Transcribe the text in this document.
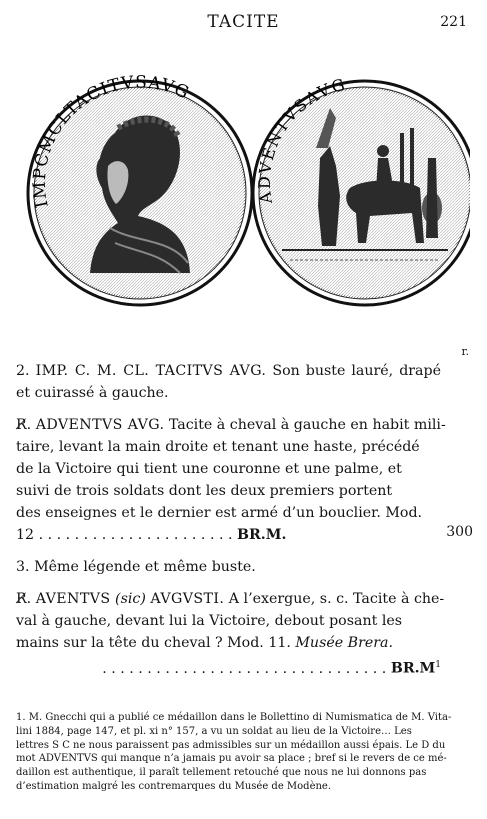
TACITE	221
IMPCMCLTACITVSAVG
ADVENTVSAVG
r.
2. IMP. C. M. CL. TACITVS AVG. Son buste lauré, drapé et cuirassé à gauche.
R̸. ADVENTVS AVG. Tacite à cheval à gauche en habit mili-
taire, levant la main droite et tenant une haste, précédé
de la Victoire qui tient une couronne et une palme, et
suivi de trois soldats dont les deux premiers portent
des enseignes et le dernier est armé d’un bouclier. Mod.
12 . . . . . . . . . . . . . . . . . . . . . . BR.M.	300
3. Même légende et même buste.
R̸. AVENTVS (sic) AVGVSTI. A l’exergue, s. c. Tacite à che-
val à gauche, devant lui la Victoire, debout posant les
mains sur la tête du cheval ? Mod. 11. Musée Brera.
. . . . . . . . . . . . . . . . . . . . . . . . . . . . . . . . $BR.M^1$
1. M. Gnecchi qui a publié ce médaillon dans le Bollettino di Numismatica de M. Vita-
lini 1884, page 147, et pl. xi n° 157, a vu un soldat au lieu de la Victoire… Les
lettres S C ne nous paraissent pas admissibles sur un médaillon aussi épais. Le D du
mot ADVENTVS qui manque n’a jamais pu avoir sa place ; bref si le revers de ce mé-
daillon est authentique, il paraît tellement retouché que nous ne lui donnons pas
d’estimation malgré les contremarques du Musée de Modène.
